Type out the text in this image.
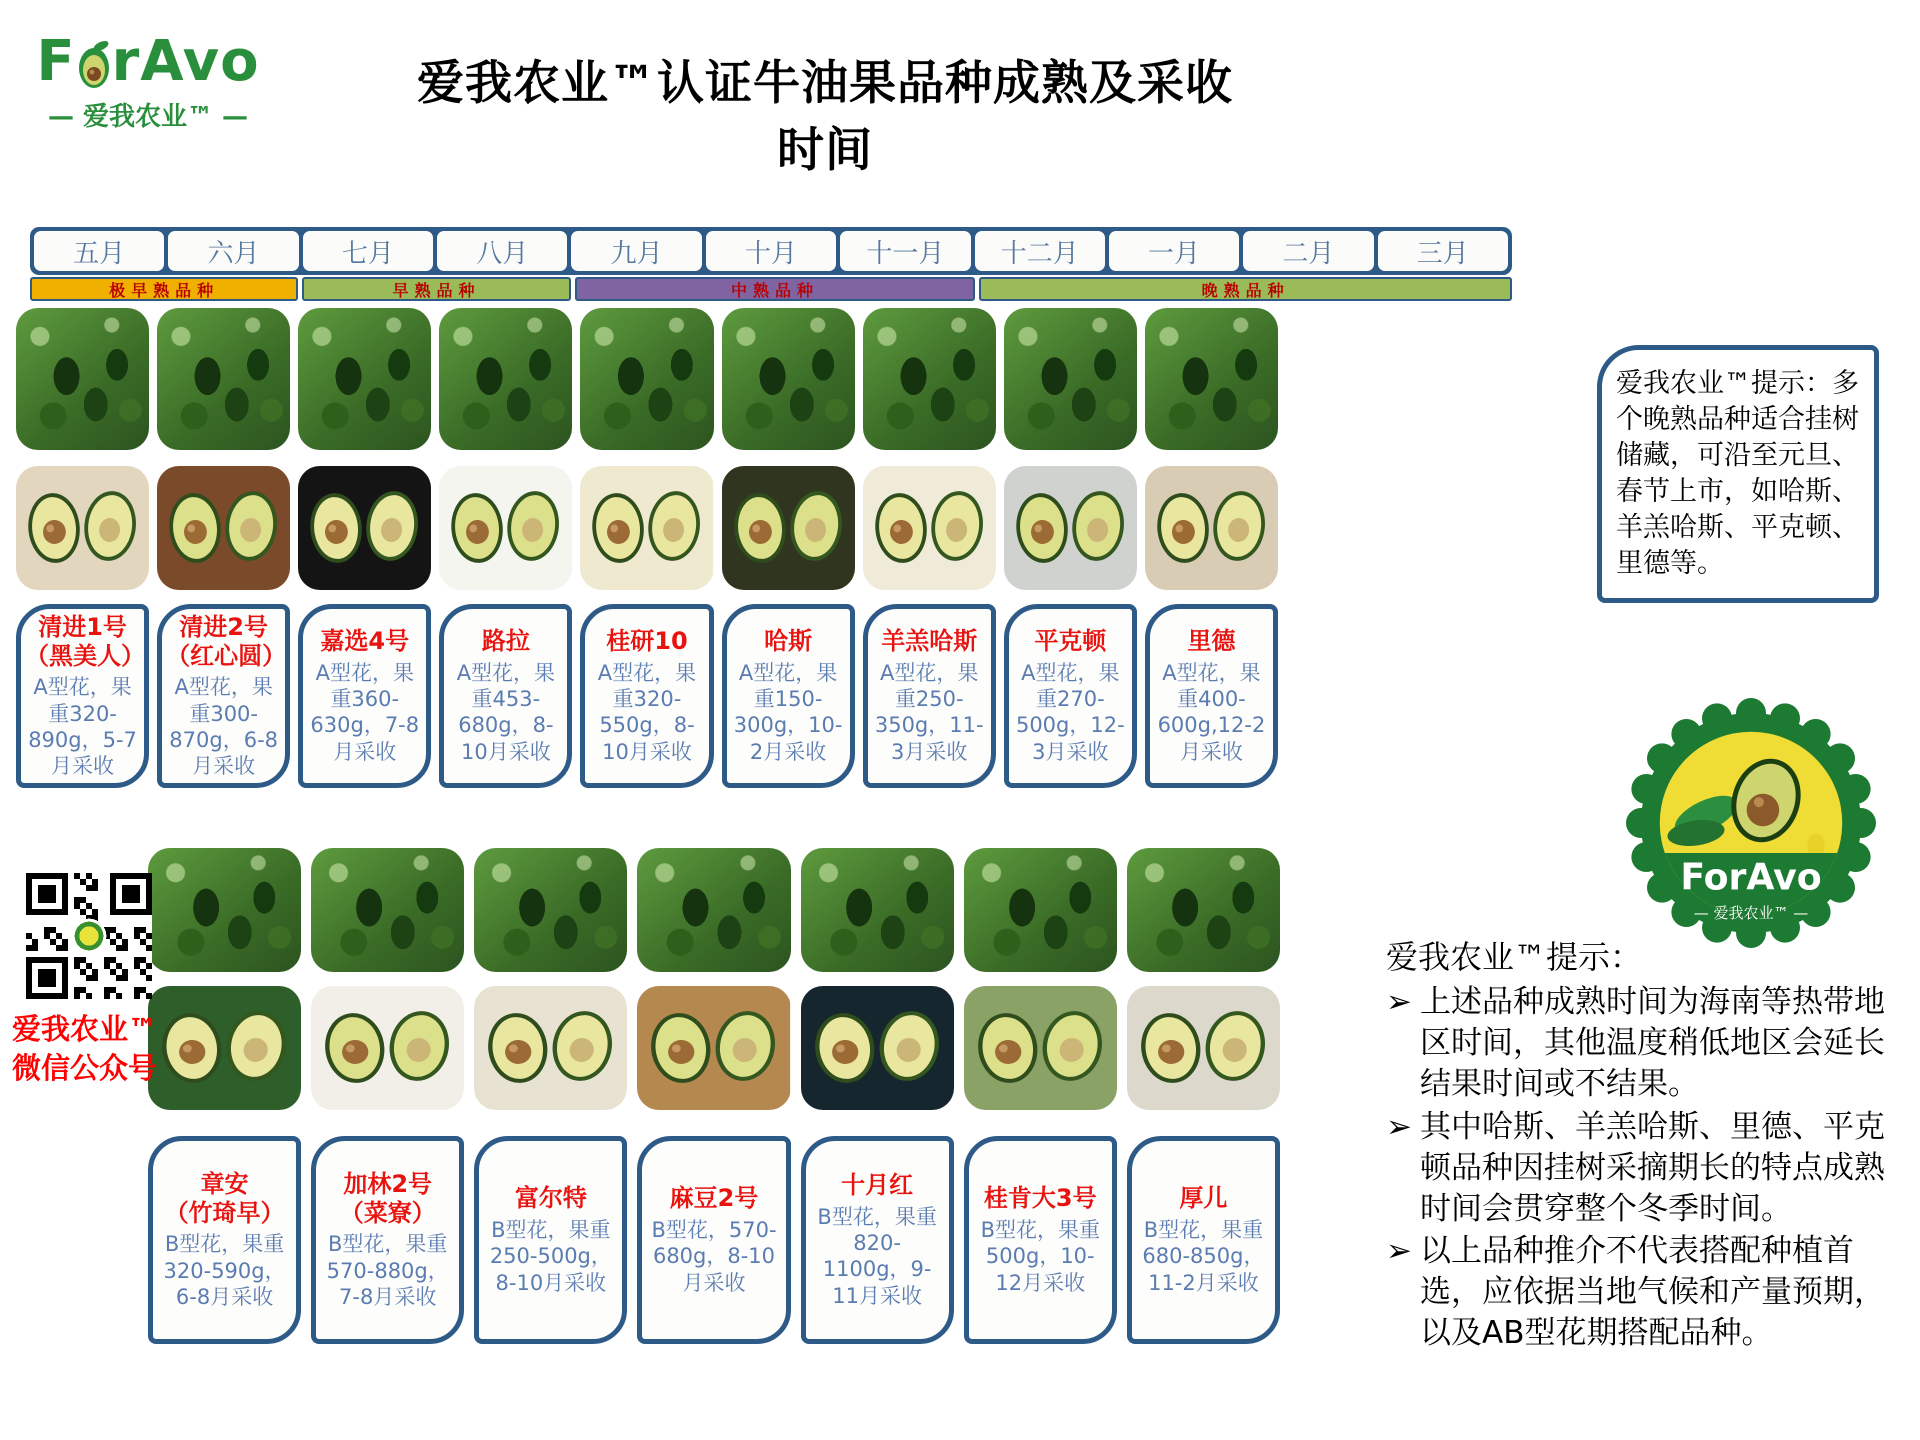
F rAvo
— 爱我农业™ —
爱我农业™认证牛油果品种成熟及采收时间
五月	六月	七月	八月	九月	十月	十一月	十二月	一月	二月	三月
极早熟品种	早熟品种	中熟品种	晚熟品种
清进1号
（黑美人）
A型花，果重320-890g，5-7月采收
清进2号
（红心圆）
A型花，果重300-870g，6-8月采收
嘉选4号
A型花，果重360-630g，7-8月采收
路拉
A型花，果重453-680g，8-10月采收
桂研10
A型花，果重320-550g，8-10月采收
哈斯
A型花，果重150-300g，10-2月采收
羊羔哈斯
A型花，果重250-350g，11-3月采收
平克顿
A型花，果重270-500g，12-3月采收
里德
A型花，果重400-600g,12-2月采收
章安
（竹琦早）
B型花，果重320-590g，6-8月采收
加林2号
（菜寮）
B型花，果重570-880g，7-8月采收
富尔特
B型花，果重250-500g，8-10月采收
麻豆2号
B型花，570-680g，8-10月采收
十月红
B型花，果重820-1100g，9-11月采收
桂肯大3号
B型花，果重500g，10-12月采收
厚儿
B型花，果重680-850g，11-2月采收
爱我农业™提示：多个晚熟品种适合挂树储藏，可沿至元旦、春节上市，如哈斯、羊羔哈斯、平克顿、里德等。
ForAvo
— 爱我农业™ —
爱我农业™
微信公众号
爱我农业™提示：
➢ 上述品种成熟时间为海南等热带地区时间，其他温度稍低地区会延长结果时间或不结果。
➢ 其中哈斯、羊羔哈斯、里德、平克顿品种因挂树采摘期长的特点成熟时间会贯穿整个冬季时间。
➢ 以上品种推介不代表搭配种植首选，应依据当地气候和产量预期，以及AB型花期搭配品种。
